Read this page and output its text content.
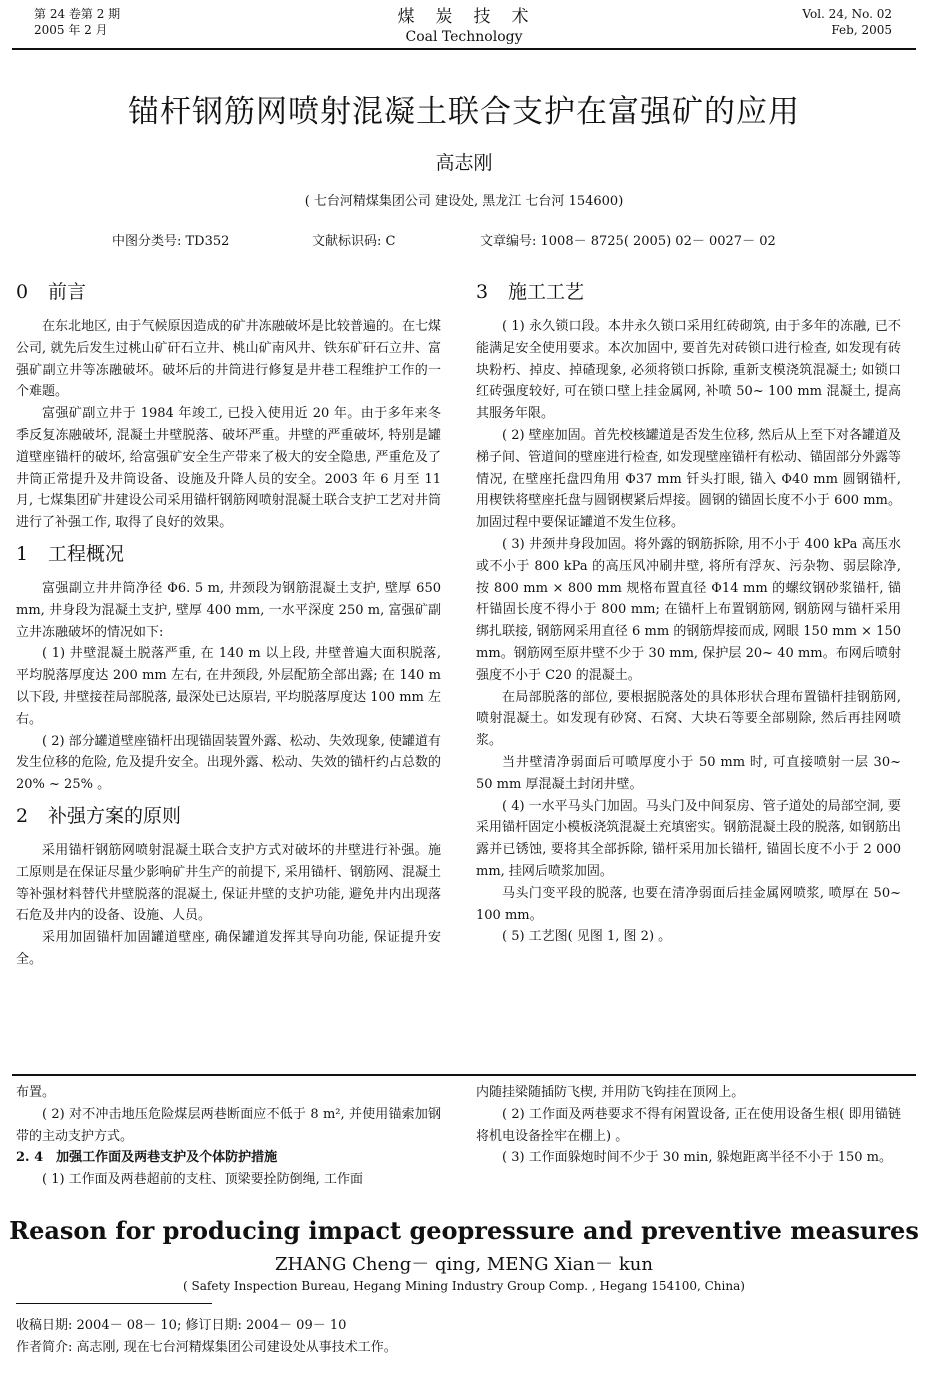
第 24 卷第 2 期
2005 年 2 月
煤　炭　技　术
Coal Technology
Vol. 24, No. 02
Feb, 2005
锚杆钢筋网喷射混凝土联合支护在富强矿的应用
高志刚
( 七台河精煤集团公司 建设处, 黑龙江 七台河 154600)
中图分类号: TD352	文献标识码: C	文章编号: 1008－ 8725( 2005) 02－ 0027－ 02
0 前言

在东北地区, 由于气候原因造成的矿井冻融破坏是比较普遍的。在七煤公司, 就先后发生过桃山矿矸石立井、桃山矿南风井、铁东矿矸石立井、富强矿副立井等冻融破坏。破坏后的井筒进行修复是井巷工程维护工作的一个难题。

富强矿副立井于 1984 年竣工, 已投入使用近 20 年。由于多年来冬季反复冻融破坏, 混凝土井壁脱落、破坏严重。井壁的严重破坏, 特别是罐道壁座锚杆的破坏, 给富强矿安全生产带来了极大的安全隐患, 严重危及了井筒正常提升及井筒设备、设施及升降人员的安全。2003 年 6 月至 11 月, 七煤集团矿井建设公司采用锚杆钢筋网喷射混凝土联合支护工艺对井筒进行了补强工作, 取得了良好的效果。

1 工程概况

富强副立井井筒净径 Φ6. 5 m, 井颈段为钢筋混凝土支护, 壁厚 650 mm, 井身段为混凝土支护, 壁厚 400 mm, 一水平深度 250 m, 富强矿副立井冻融破坏的情况如下:

( 1) 井壁混凝土脱落严重, 在 140 m 以上段, 井壁普遍大面积脱落, 平均脱落厚度达 200 mm 左右, 在井颈段, 外层配筋全部出露; 在 140 m 以下段, 井壁接茬局部脱落, 最深处已达原岩, 平均脱落厚度达 100 mm 左右。

( 2) 部分罐道壁座锚杆出现锚固装置外露、松动、失效现象, 使罐道有发生位移的危险, 危及提升安全。出现外露、松动、失效的锚杆约占总数的 20% ~ 25% 。

2 补强方案的原则

采用锚杆钢筋网喷射混凝土联合支护方式对破坏的井壁进行补强。施工原则是在保证尽量少影响矿井生产的前提下, 采用锚杆、钢筋网、混凝土等补强材料替代井壁脱落的混凝土, 保证井壁的支护功能, 避免井内出现落石危及井内的设备、设施、人员。

采用加固锚杆加固罐道壁座, 确保罐道发挥其导向功能, 保证提升安全。

3 施工工艺

( 1) 永久锁口段。本井永久锁口采用红砖砌筑, 由于多年的冻融, 已不能满足安全使用要求。本次加固中, 要首先对砖锁口进行检查, 如发现有砖块粉朽、掉皮、掉碴现象, 必须将锁口拆除, 重新支模浇筑混凝土; 如锁口红砖强度较好, 可在锁口壁上挂金属网, 补喷 50~ 100 mm 混凝土, 提高其服务年限。

( 2) 壁座加固。首先校核罐道是否发生位移, 然后从上至下对各罐道及梯子间、管道间的壁座进行检查, 如发现壁座锚杆有松动、锚固部分外露等情况, 在壁座托盘四角用 Φ37 mm 钎头打眼, 锚入 Φ40 mm 圆钢锚杆, 用楔铁将壁座托盘与圆钢楔紧后焊接。圆钢的锚固长度不小于 600 mm。加固过程中要保证罐道不发生位移。

( 3) 井颈井身段加固。将外露的钢筋拆除, 用不小于 400 kPa 高压水或不小于 800 kPa 的高压风冲刷井壁, 将所有浮灰、污杂物、弱层除净, 按 800 mm × 800 mm 规格布置直径 Φ14 mm 的螺纹钢砂浆锚杆, 锚杆锚固长度不得小于 800 mm; 在锚杆上布置钢筋网, 钢筋网与锚杆采用绑扎联接, 钢筋网采用直径 6 mm 的钢筋焊接而成, 网眼 150 mm × 150 mm。钢筋网至原井壁不少于 30 mm, 保护层 20~ 40 mm。布网后喷射强度不小于 C20 的混凝土。

在局部脱落的部位, 要根据脱落处的具体形状合理布置锚杆挂钢筋网, 喷射混凝土。如发现有砂窝、石窝、大块石等要全部剔除, 然后再挂网喷浆。

当井壁清净弱面后可喷厚度小于 50 mm 时, 可直接喷射一层 30~ 50 mm 厚混凝土封闭井壁。

( 4) 一水平马头门加固。马头门及中间泵房、管子道处的局部空洞, 要采用锚杆固定小模板浇筑混凝土充填密实。钢筋混凝土段的脱落, 如钢筋出露并已锈蚀, 要将其全部拆除, 锚杆采用加长锚杆, 锚固长度不小于 2 000 mm, 挂网后喷浆加固。

马头门变平段的脱落, 也要在清净弱面后挂金属网喷浆, 喷厚在 50~ 100 mm。

( 5) 工艺图( 见图 1, 图 2) 。

布置。

( 2) 对不冲击地压危险煤层两巷断面应不低于 8 m², 并使用锚索加钢带的主动支护方式。

2. 4　加强工作面及两巷支护及个体防护措施

( 1) 工作面及两巷超前的支柱、顶梁要拴防倒绳, 工作面

内随挂梁随插防飞楔, 并用防飞钩挂在顶网上。

( 2) 工作面及两巷要求不得有闲置设备, 正在使用设备生根( 即用锚链将机电设备拴牢在棚上) 。

( 3) 工作面躲炮时间不少于 30 min, 躲炮距离半径不小于 150 m。

Reason for producing impact geopressure and preventive measures
ZHANG Cheng－ qing, MENG Xian－ kun
( Safety Inspection Bureau, Hegang Mining Industry Group Comp. , Hegang 154100, China)
收稿日期: 2004－ 08－ 10; 修订日期: 2004－ 09－ 10
作者简介: 高志刚, 现在七台河精煤集团公司建设处从事技术工作。
